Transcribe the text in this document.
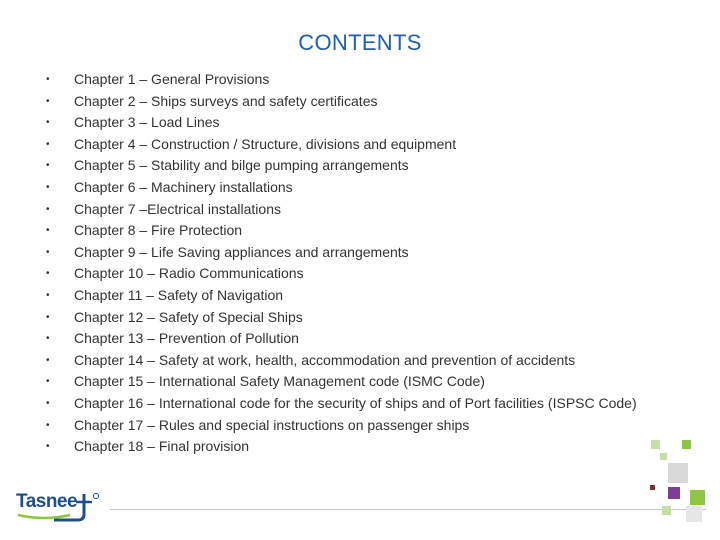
CONTENTS
•	Chapter 1 – General Provisions
•	Chapter 2 – Ships surveys and safety certificates
•	Chapter 3 – Load Lines
•	Chapter 4 – Construction / Structure, divisions and equipment
•	Chapter 5 – Stability and bilge pumping arrangements
•	Chapter 6 – Machinery installations
•	Chapter 7 –Electrical installations
•	Chapter 8 – Fire Protection
•	Chapter 9 – Life Saving appliances and arrangements
•	Chapter 10 – Radio Communications
•	Chapter 11 – Safety of Navigation
•	Chapter 12 – Safety of Special Ships
•	Chapter 13 – Prevention of Pollution
•	Chapter 14 – Safety at work, health, accommodation and prevention of accidents
•	Chapter 15 – International Safety Management code (ISMC Code)
•	Chapter 16 – International code for the security of ships and of Port facilities (ISPSC Code)
•	Chapter 17 – Rules and special instructions on passenger ships
•	Chapter 18 – Final provision
Tasnee
